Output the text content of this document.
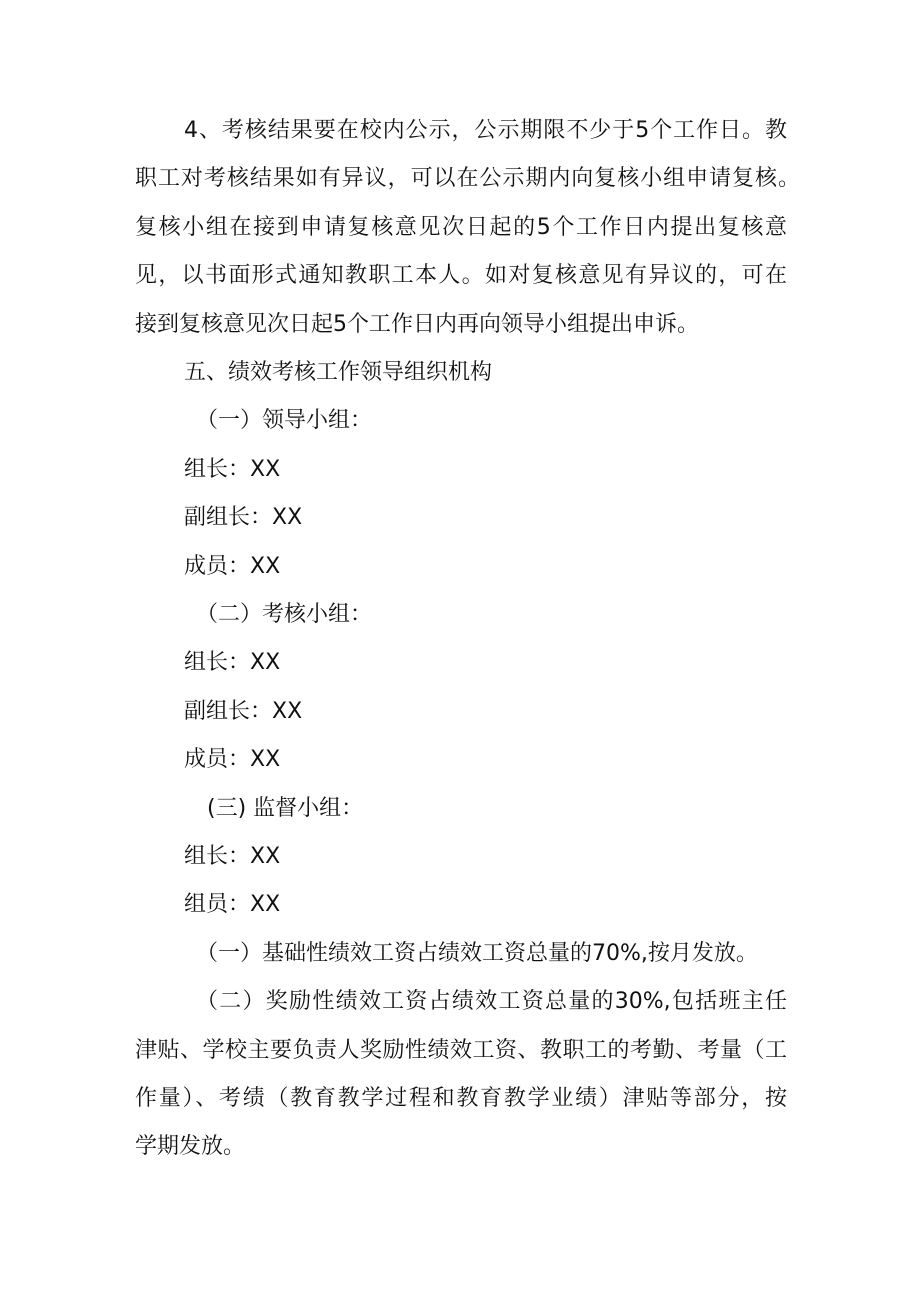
4、考核结果要在校内公示，公示期限不少于5个工作日。教
职工对考核结果如有异议，可以在公示期内向复核小组申请复核。
复核小组在接到申请复核意见次日起的5个工作日内提出复核意
见，以书面形式通知教职工本人。如对复核意见有异议的，可在
接到复核意见次日起5个工作日内再向领导小组提出申诉。
五、绩效考核工作领导组织机构
（一）领导小组：
组长：XX
副组长：XX
成员：XX
（二）考核小组：
组长：XX
副组长：XX
成员：XX
(三) 监督小组：
组长：XX
组员：XX
（一）基础性绩效工资占绩效工资总量的70%,按月发放。
（二）奖励性绩效工资占绩效工资总量的30%,包括班主任
津贴、学校主要负责人奖励性绩效工资、教职工的考勤、考量（工
作量）、考绩（教育教学过程和教育教学业绩）津贴等部分，按
学期发放。
